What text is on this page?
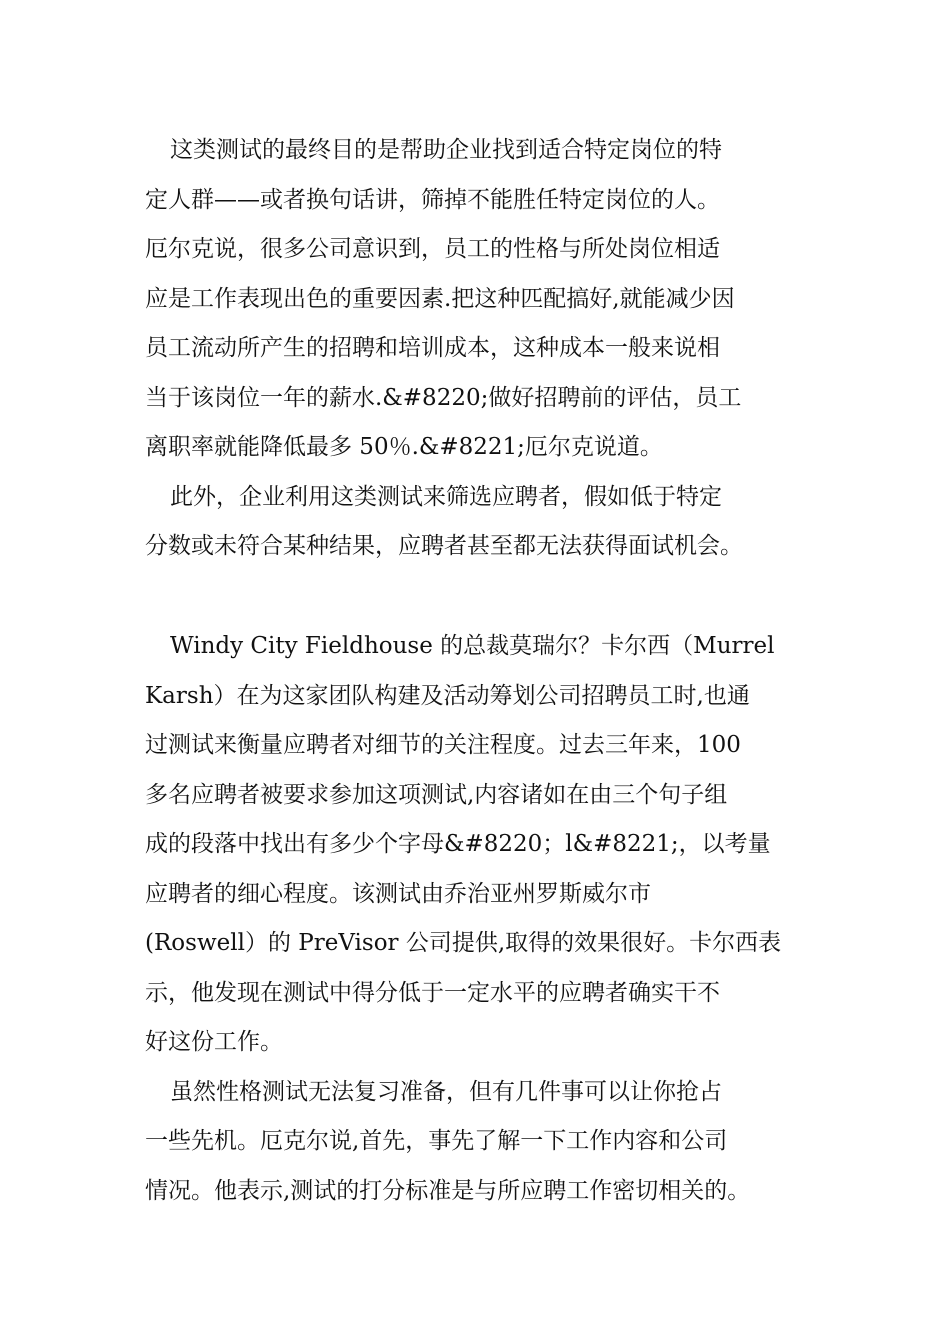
这类测试的最终目的是帮助企业找到适合特定岗位的特
定人群——或者换句话讲，筛掉不能胜任特定岗位的人。
厄尔克说，很多公司意识到，员工的性格与所处岗位相适
应是工作表现出色的重要因素.把这种匹配搞好,就能减少因
员工流动所产生的招聘和培训成本，这种成本一般来说相
当于该岗位一年的薪水.&#8220;做好招聘前的评估，员工
离职率就能降低最多 50％.&#8221;厄尔克说道。
此外，企业利用这类测试来筛选应聘者，假如低于特定
分数或未符合某种结果，应聘者甚至都无法获得面试机会。
Windy City Fieldhouse 的总裁莫瑞尔？卡尔西（Murrel
Karsh）在为这家团队构建及活动筹划公司招聘员工时,也通
过测试来衡量应聘者对细节的关注程度。过去三年来，100
多名应聘者被要求参加这项测试,内容诸如在由三个句子组
成的段落中找出有多少个字母&#8220；l&#8221;，以考量
应聘者的细心程度。该测试由乔治亚州罗斯威尔市
(Roswell）的 PreVisor 公司提供,取得的效果很好。卡尔西表
示，他发现在测试中得分低于一定水平的应聘者确实干不
好这份工作。
虽然性格测试无法复习准备，但有几件事可以让你抢占
一些先机。厄克尔说,首先，事先了解一下工作内容和公司
情况。他表示,测试的打分标准是与所应聘工作密切相关的。
